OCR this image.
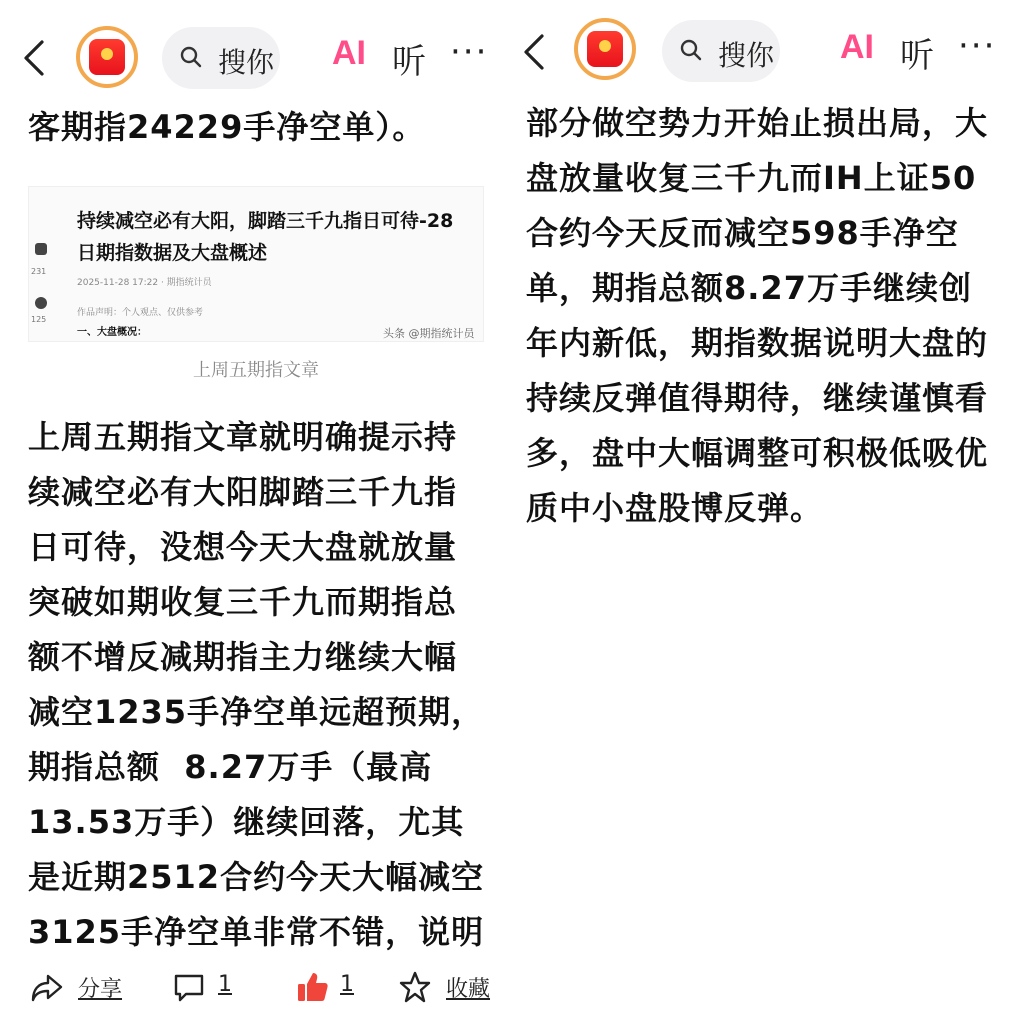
搜你 AI 听 ···
客期指24229手净空单）。
231
125
持续减空必有大阳，脚踏三千九指日可待-28日期指数据及大盘概述
2025-11-28 17:22 · 期指统计员
作品声明：个人观点、仅供参考
一、大盘概况：	头条 @期指统计员
上周五期指文章
上周五期指文章就明确提示持续减空必有大阳脚踏三千九指日可待，没想今天大盘就放量突破如期收复三千九而期指总额不增反减期指主力继续大幅减空1235手净空单远超预期，期指总额  8.27万手（最高13.53万手）继续回落，尤其是近期2512合约今天大幅减空3125手净空单非常不错，说明
分享	1	1	收藏
搜你 AI 听 ···
部分做空势力开始止损出局，大盘放量收复三千九而IH上证50合约今天反而减空598手净空单，期指总额8.27万手继续创年内新低，期指数据说明大盘的持续反弹值得期待，继续谨慎看多，盘中大幅调整可积极低吸优质中小盘股博反弹。
